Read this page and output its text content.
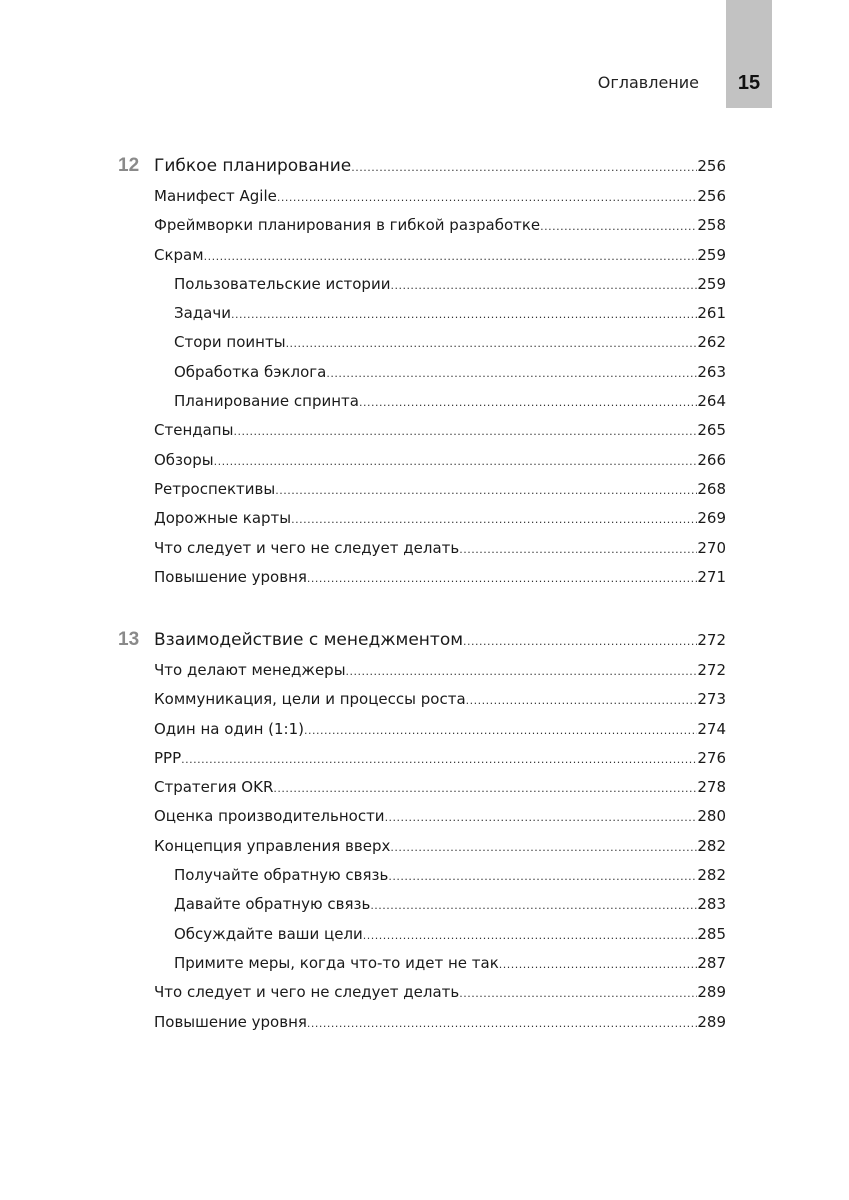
Оглавление	15
12 Гибкое планирование .....	256
Манифест Agile .....	256
Фреймворки планирования в гибкой разработке .....	258
Скрам .....	259
Пользовательские истории .....	259
Задачи .....	261
Стори поинты .....	262
Обработка бэклога .....	263
Планирование спринта .....	264
Стендапы .....	265
Обзоры .....	266
Ретроспективы .....	268
Дорожные карты .....	269
Что следует и чего не следует делать .....	270
Повышение уровня .....	271
13 Взаимодействие с менеджментом .....	272
Что делают менеджеры .....	272
Коммуникация, цели и процессы роста .....	273
Один на один (1:1) .....	274
PPP .....	276
Стратегия OKR .....	278
Оценка производительности .....	280
Концепция управления вверх .....	282
Получайте обратную связь .....	282
Давайте обратную связь .....	283
Обсуждайте ваши цели .....	285
Примите меры, когда что-то идет не так .....	287
Что следует и чего не следует делать .....	289
Повышение уровня .....	289
